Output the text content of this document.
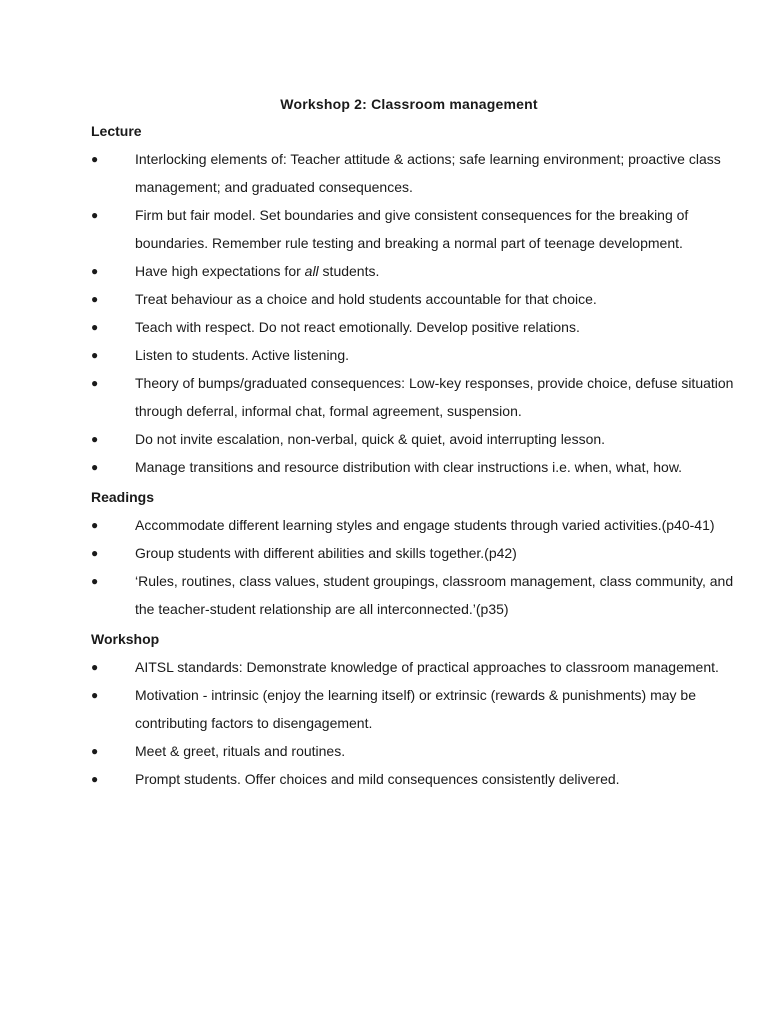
Workshop 2: Classroom management
Lecture
●	Interlocking elements of: Teacher attitude & actions; safe learning environment; proactive class management; and graduated consequences.
●	Firm but fair model. Set boundaries and give consistent consequences for the breaking of boundaries. Remember rule testing and breaking a normal part of teenage development.
●	Have high expectations for all students.
●	Treat behaviour as a choice and hold students accountable for that choice.
●	Teach with respect. Do not react emotionally. Develop positive relations.
●	Listen to students. Active listening.
●	Theory of bumps/graduated consequences: Low-key responses, provide choice, defuse situation through deferral, informal chat, formal agreement, suspension.
●	Do not invite escalation, non-verbal, quick & quiet, avoid interrupting lesson.
●	Manage transitions and resource distribution with clear instructions i.e. when, what, how.
Readings
●	Accommodate different learning styles and engage students through varied activities.(p40-41)
●	Group students with different abilities and skills together.(p42)
●	‘Rules, routines, class values, student groupings, classroom management, class community, and the teacher-student relationship are all interconnected.’(p35)
Workshop
●	AITSL standards: Demonstrate knowledge of practical approaches to classroom management.
●	Motivation - intrinsic (enjoy the learning itself) or extrinsic (rewards & punishments) may be contributing factors to disengagement.
●	Meet & greet, rituals and routines.
●	Prompt students. Offer choices and mild consequences consistently delivered.
